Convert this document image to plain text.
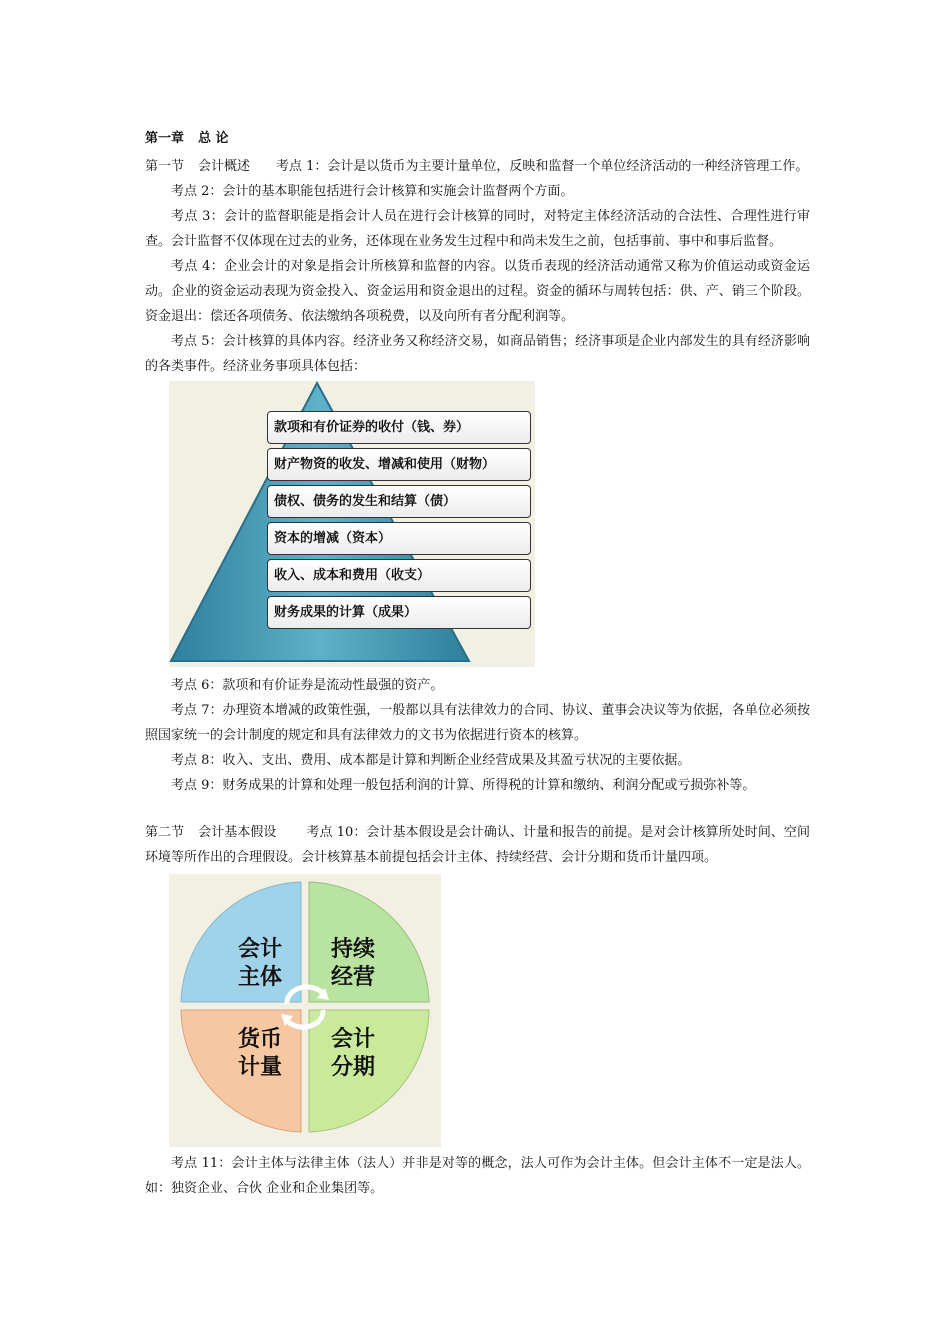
第一章 总 论

第一节 会计概述 考点 1：会计是以货币为主要计量单位，反映和监督一个单位经济活动的一种经济管理工作。

考点 2：会计的基本职能包括进行会计核算和实施会计监督两个方面。

考点 3：会计的监督职能是指会计人员在进行会计核算的同时，对特定主体经济活动的合法性、合理性进行审查。会计监督不仅体现在过去的业务，还体现在业务发生过程中和尚未发生之前，包括事前、事中和事后监督。

考点 4：企业会计的对象是指会计所核算和监督的内容。以货币表现的经济活动通常又称为价值运动或资金运动。企业的资金运动表现为资金投入、资金运用和资金退出的过程。资金的循环与周转包括：供、产、销三个阶段。资金退出：偿还各项债务、依法缴纳各项税费，以及向所有者分配利润等。

考点 5：会计核算的具体内容。经济业务又称经济交易，如商品销售；经济事项是企业内部发生的具有经济影响的各类事件。经济业务事项具体包括：

款项和有价证券的收付（钱、券）
财产物资的收发、增减和使用（财物）
债权、债务的发生和结算（债）
资本的增减（资本）
收入、成本和费用（收支）
财务成果的计算（成果）

考点 6：款项和有价证券是流动性最强的资产。

考点 7：办理资本增减的政策性强，一般都以具有法律效力的合同、协议、董事会决议等为依据，各单位必须按照国家统一的会计制度的规定和具有法律效力的文书为依据进行资本的核算。

考点 8：收入、支出、费用、成本都是计算和判断企业经营成果及其盈亏状况的主要依据。

考点 9：财务成果的计算和处理一般包括利润的计算、所得税的计算和缴纳、利润分配或亏损弥补等。

第二节 会计基本假设 考点 10：会计基本假设是会计确认、计量和报告的前提。是对会计核算所处时间、空间环境等所作出的合理假设。会计核算基本前提包括会计主体、持续经营、会计分期和货币计量四项。

会计
主体
持续
经营
货币
计量
会计
分期

考点 11：会计主体与法律主体（法人）并非是对等的概念，法人可作为会计主体。但会计主体不一定是法人。如：独资企业、合伙 企业和企业集团等。
